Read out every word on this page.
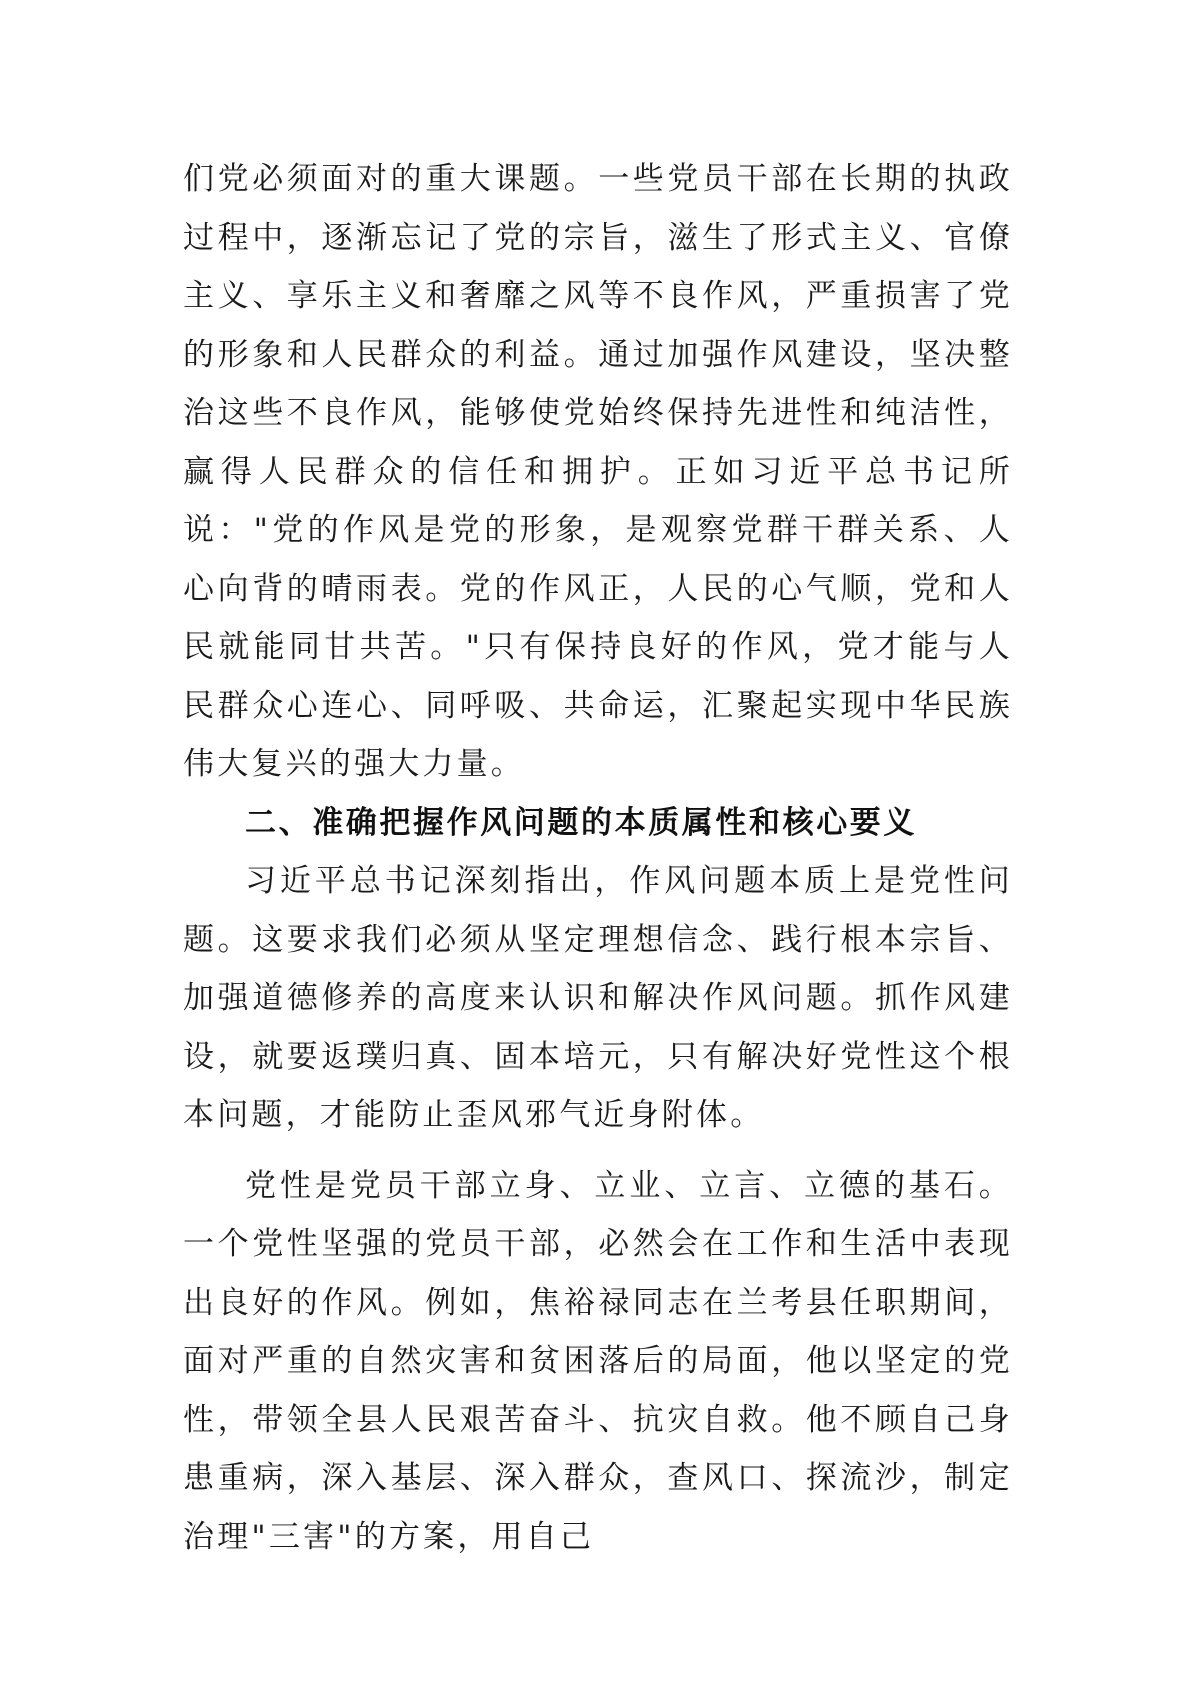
们党必须面对的重大课题。一些党员干部在长期的执政过程中，逐渐忘记了党的宗旨，滋生了形式主义、官僚主义、享乐主义和奢靡之风等不良作风，严重损害了党的形象和人民群众的利益。通过加强作风建设，坚决整治这些不良作风，能够使党始终保持先进性和纯洁性，赢得人民群众的信任和拥护。正如习近平总书记所说："党的作风是党的形象，是观察党群干群关系、人心向背的晴雨表。党的作风正，人民的心气顺，党和人民就能同甘共苦。"只有保持良好的作风，党才能与人民群众心连心、同呼吸、共命运，汇聚起实现中华民族伟大复兴的强大力量。

二、准确把握作风问题的本质属性和核心要义

习近平总书记深刻指出，作风问题本质上是党性问题。这要求我们必须从坚定理想信念、践行根本宗旨、加强道德修养的高度来认识和解决作风问题。抓作风建设，就要返璞归真、固本培元，只有解决好党性这个根本问题，才能防止歪风邪气近身附体。

党性是党员干部立身、立业、立言、立德的基石。一个党性坚强的党员干部，必然会在工作和生活中表现出良好的作风。例如，焦裕禄同志在兰考县任职期间，面对严重的自然灾害和贫困落后的局面，他以坚定的党性，带领全县人民艰苦奋斗、抗灾自救。他不顾自己身患重病，深入基层、深入群众，查风口、探流沙，制定治理"三害"的方案，用自己
